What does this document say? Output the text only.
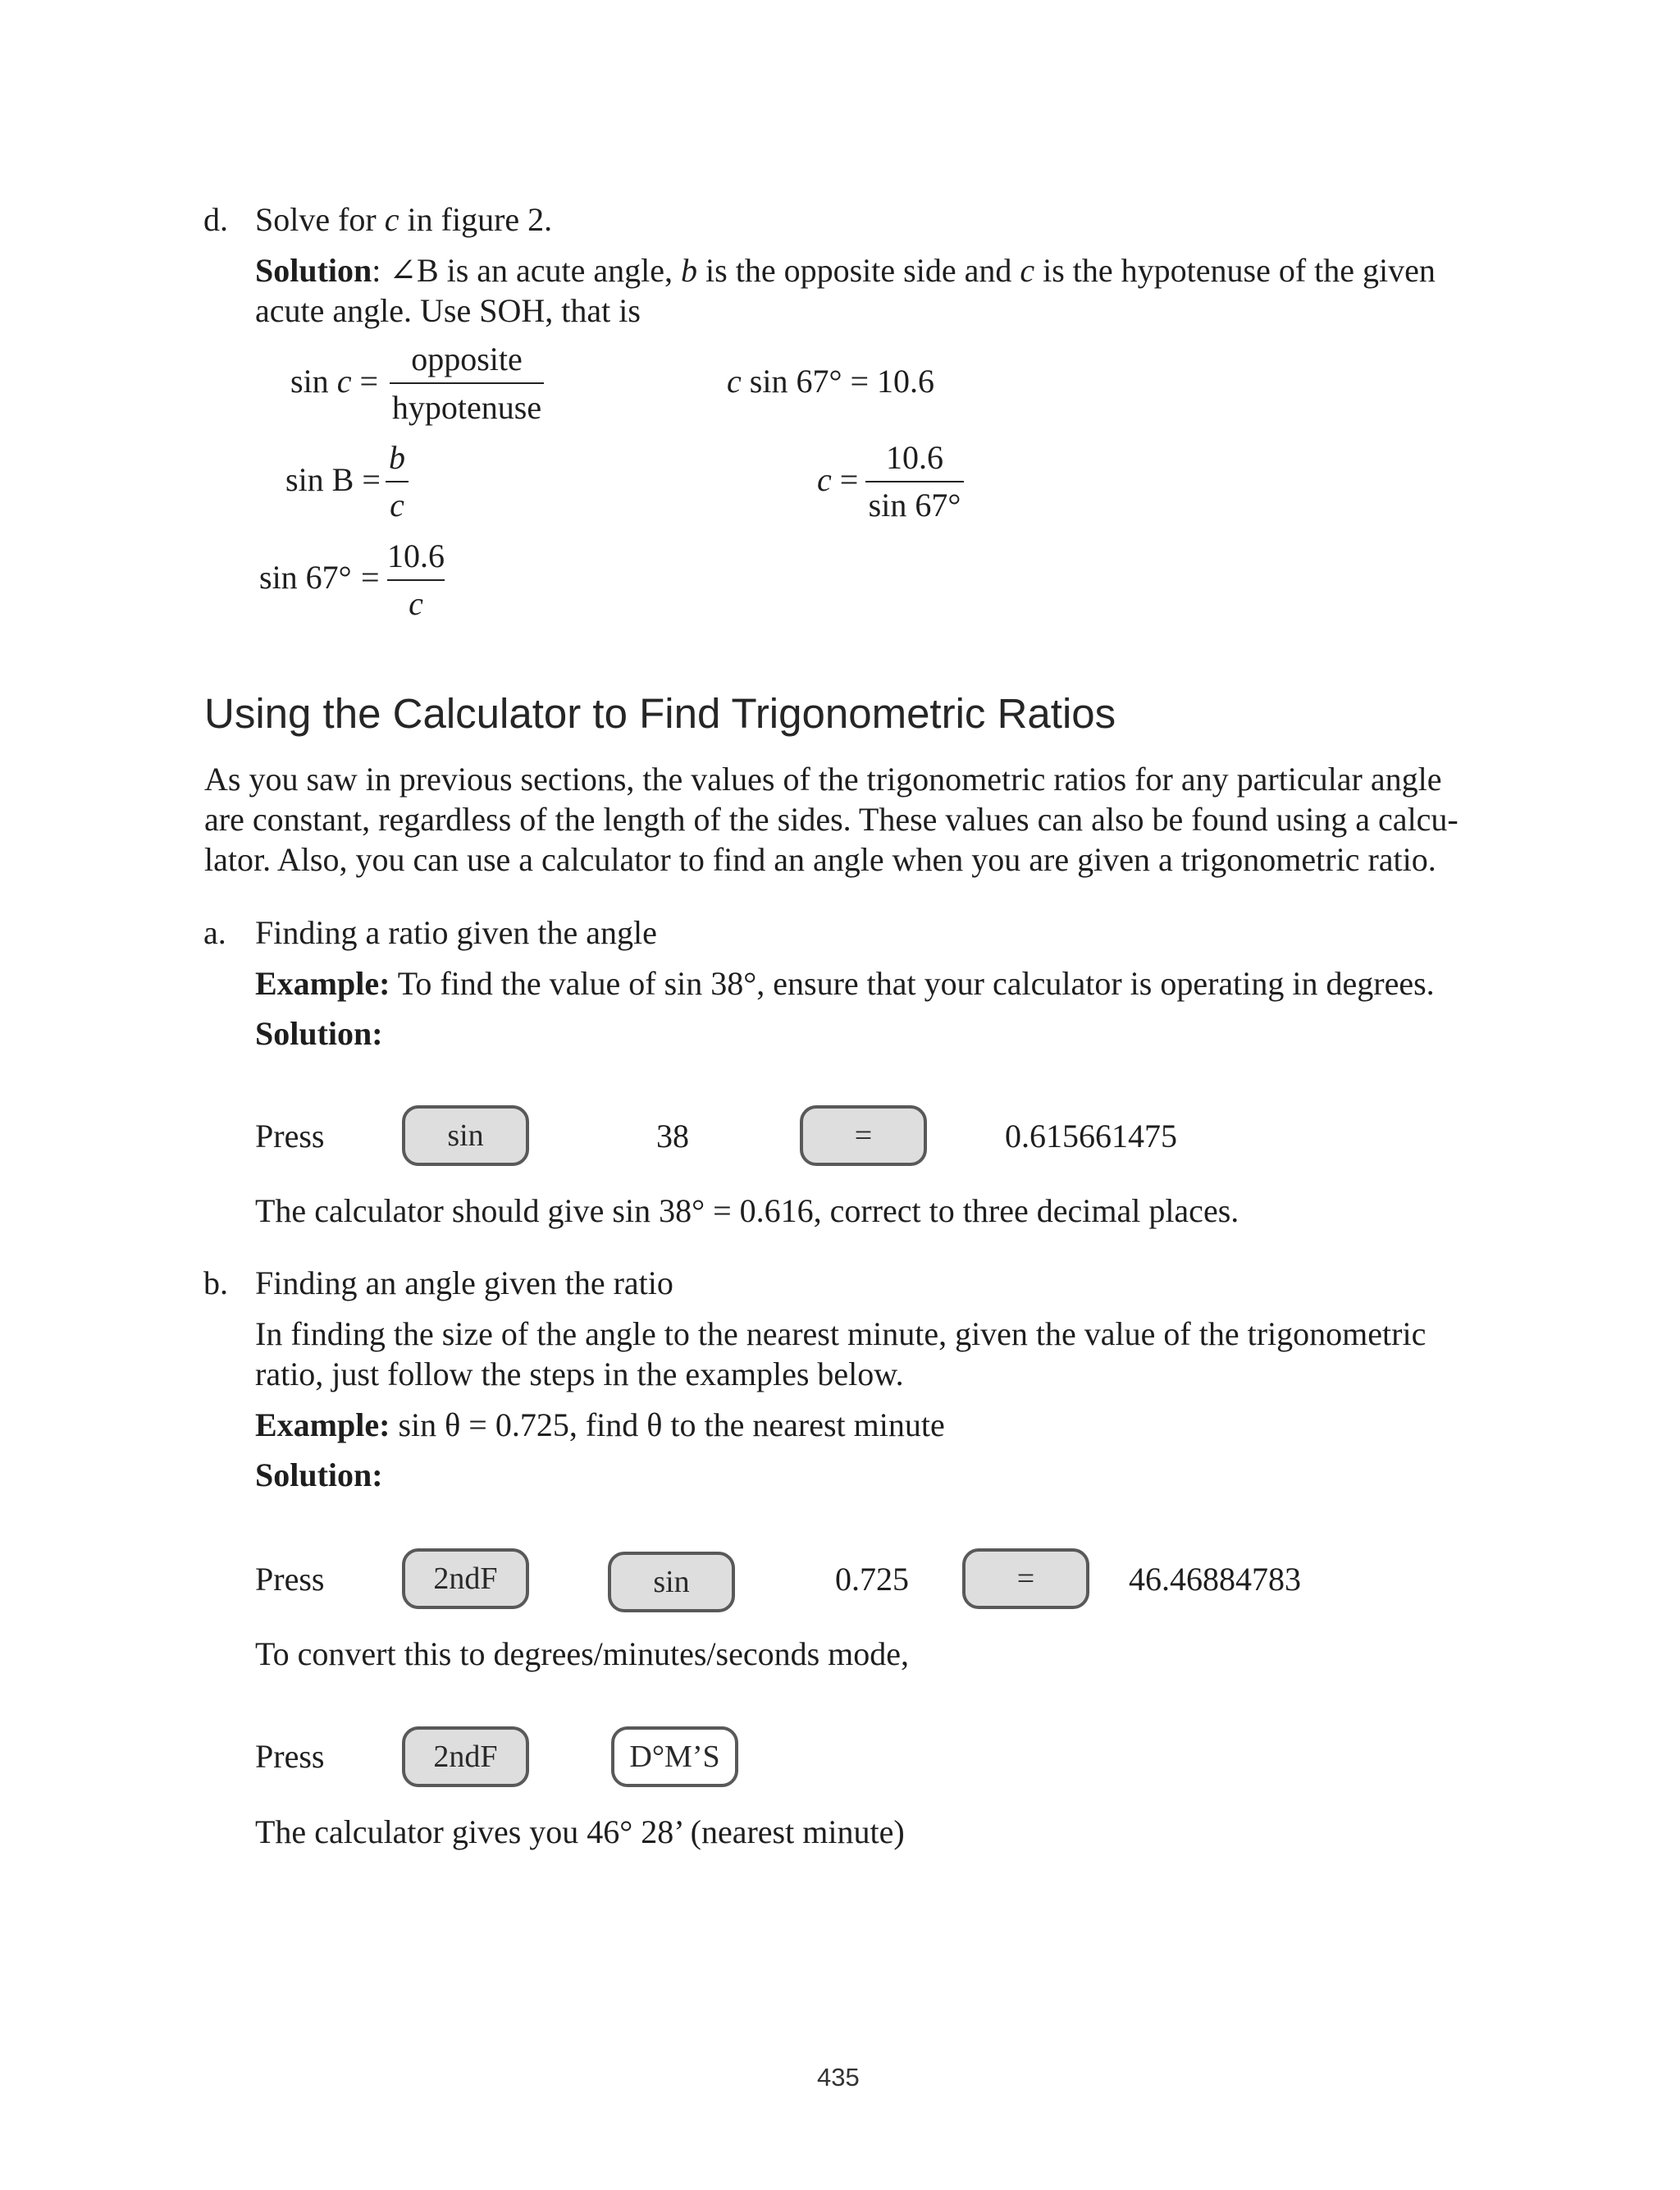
d. Solve for c in figure 2.
Solution: ∠B is an acute angle, b is the opposite side and c is the hypotenuse of the given
acute angle. Use SOH, that is
sin c =
opposite
hypotenuse
sin B =
b
c
sin 67° =
10.6
c
c sin 67° = 10.6
c =
10.6
sin 67°
Using the Calculator to Find Trigonometric Ratios
As you saw in previous sections, the values of the trigonometric ratios for any particular angle
are constant, regardless of the length of the sides. These values can also be found using a calcu-
lator. Also, you can use a calculator to find an angle when you are given a trigonometric ratio.
a. Finding a ratio given the angle
Example: To find the value of sin 38°, ensure that your calculator is operating in degrees.
Solution:
Press	sin	38	=	0.615661475
The calculator should give sin 38° = 0.616, correct to three decimal places.
b. Finding an angle given the ratio
In finding the size of the angle to the nearest minute, given the value of the trigonometric
ratio, just follow the steps in the examples below.
Example: sin θ = 0.725, find θ to the nearest minute
Solution:
Press	2ndF	sin	0.725	=	46.46884783
To convert this to degrees/minutes/seconds mode,
Press	2ndF	D°M’S
The calculator gives you 46° 28’ (nearest minute)
435
